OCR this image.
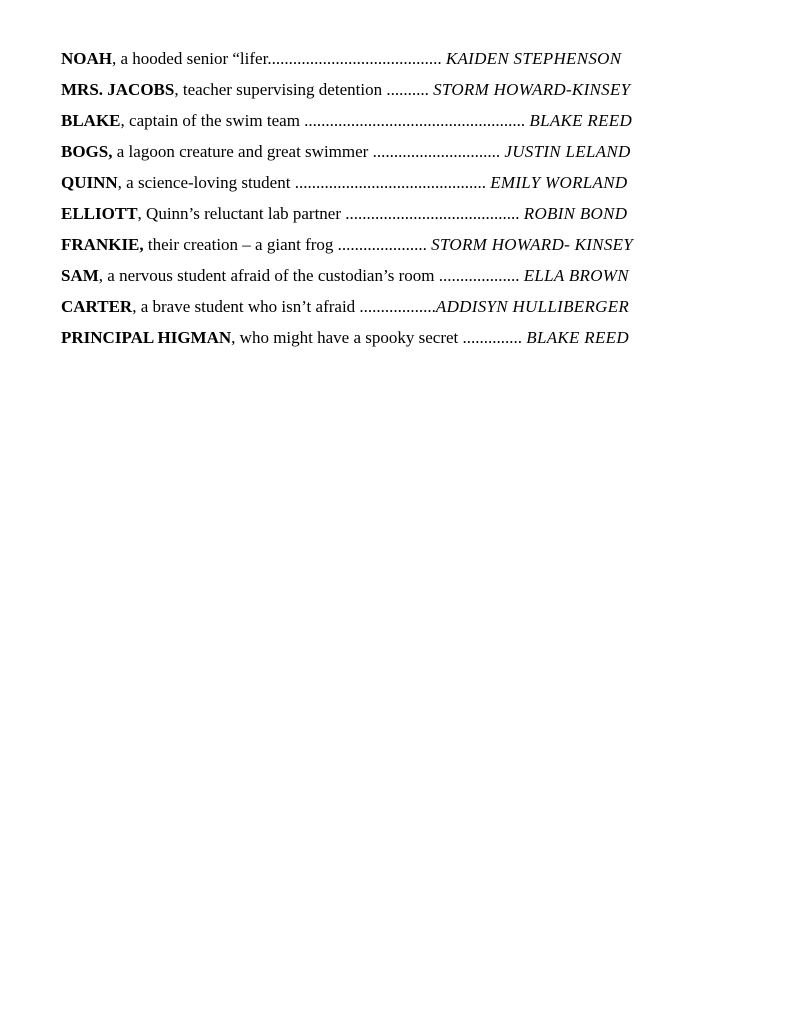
NOAH, a hooded senior “lifer......................................... KAIDEN STEPHENSON
MRS. JACOBS, teacher supervising detention .......... STORM HOWARD-KINSEY
BLAKE, captain of the swim team .................................................... BLAKE REED
BOGS, a lagoon creature and great swimmer .............................. JUSTIN LELAND
QUINN, a science-loving student ............................................. EMILY WORLAND
ELLIOTT, Quinn’s reluctant lab partner ......................................... ROBIN BOND
FRANKIE, their creation – a giant frog ..................... STORM HOWARD- KINSEY
SAM, a nervous student afraid of the custodian’s room ................... ELLA BROWN
CARTER, a brave student who isn’t afraid ..................ADDISYN HULLIBERGER
PRINCIPAL HIGMAN, who might have a spooky secret .............. BLAKE REED
